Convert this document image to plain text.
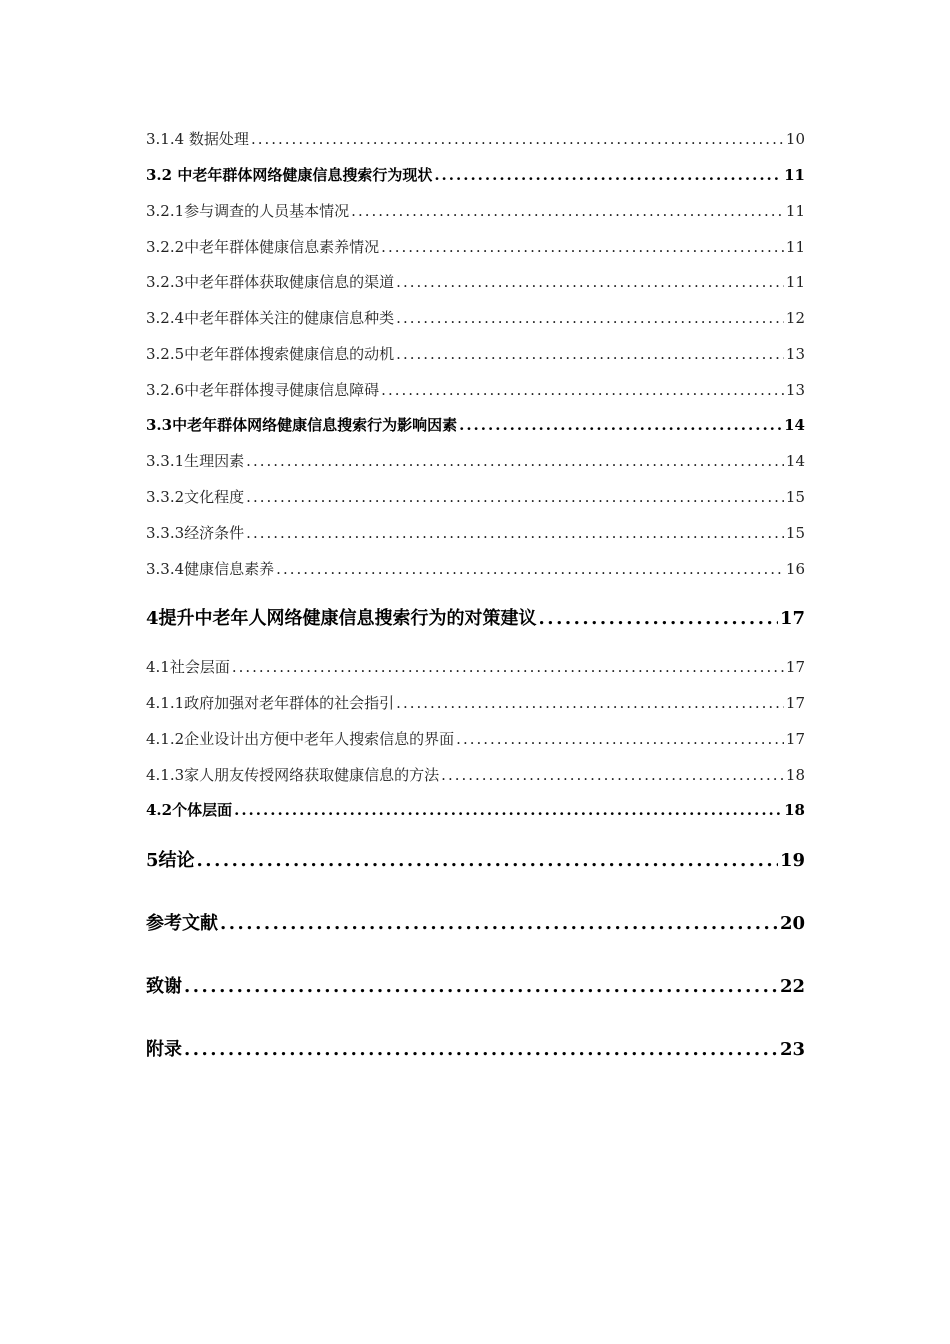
3.1.4 数据处理 .....	10
3.2 中老年群体网络健康信息搜索行为现状 .....	11
3.2.1参与调查的人员基本情况 .....	11
3.2.2中老年群体健康信息素养情况 .....	11
3.2.3中老年群体获取健康信息的渠道 .....	11
3.2.4中老年群体关注的健康信息种类 .....	12
3.2.5中老年群体搜索健康信息的动机 .....	13
3.2.6中老年群体搜寻健康信息障碍 .....	13
3.3中老年群体网络健康信息搜索行为影响因素 .....	14
3.3.1生理因素 .....	14
3.3.2文化程度 .....	15
3.3.3经济条件 .....	15
3.3.4健康信息素养 .....	16
4提升中老年人网络健康信息搜索行为的对策建议 .....	17
4.1社会层面 .....	17
4.1.1政府加强对老年群体的社会指引 .....	17
4.1.2企业设计出方便中老年人搜索信息的界面 .....	17
4.1.3家人朋友传授网络获取健康信息的方法 .....	18
4.2个体层面 .....	18
5结论 .....	19
参考文献 .....	20
致谢 .....	22
附录 .....	23
